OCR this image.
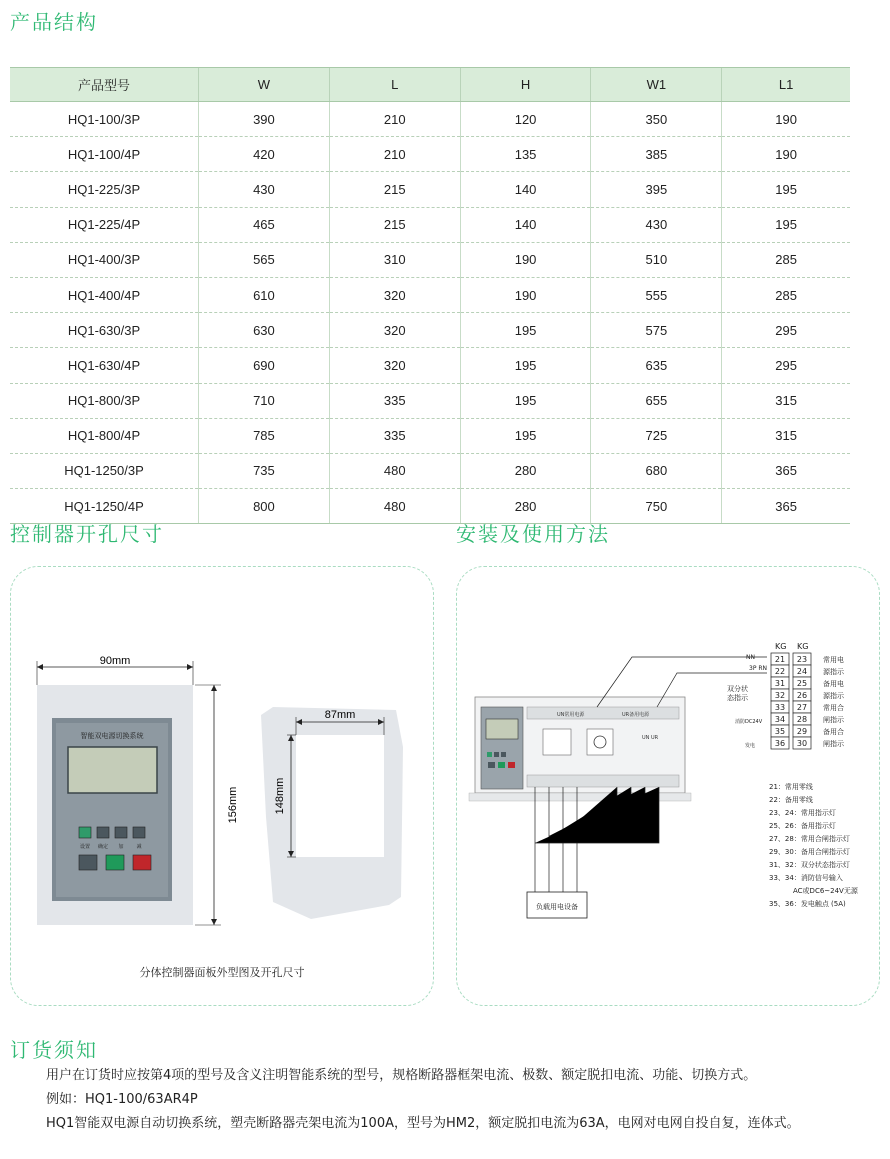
产品结构
产品型号	W	L	H	W1	L1
HQ1-100/3P	390	210	120	350	190
HQ1-100/4P	420	210	135	385	190
HQ1-225/3P	430	215	140	395	195
HQ1-225/4P	465	215	140	430	195
HQ1-400/3P	565	310	190	510	285
HQ1-400/4P	610	320	190	555	285
HQ1-630/3P	630	320	195	575	295
HQ1-630/4P	690	320	195	635	295
HQ1-800/3P	710	335	195	655	315
HQ1-800/4P	785	335	195	725	315
HQ1-1250/3P	735	480	280	680	365
HQ1-1250/4P	800	480	280	750	365
控制器开孔尺寸	安装及使用方法
智能双电源切换系统
设置 确定 加	减
90mm
156mm
87mm
148mm
分体控制器面板外型图及开孔尺寸
UN常用电源	UR备用电源
UN UR
负载用电设备
KG KG
21 23 常用电
22 24 源指示
31 25 备用电
32 26 源指示
33 27 常用合
34 28 闸指示
35 29 备用合
36 30 闸指示
NN
3P RN
双分状
态指示
消防DC24V
发电
21：常用零线
22：备用零线
23、24：常用指示灯
25、26：备用指示灯
27、28：常用合闸指示灯
29、30：备用合闸指示灯
31、32：双分状态指示灯
33、34：消防信号输入
AC或DC6~24V无源
35、36：发电触点 (5A)
订货须知

用户在订货时应按第4项的型号及含义注明智能系统的型号，规格断路器框架电流、极数、额定脱扣电流、功能、切换方式。

例如：HQ1-100/63AR4P

HQ1智能双电源自动切换系统，塑壳断路器壳架电流为100A，型号为HM2，额定脱扣电流为63A，电网对电网自投自复，连体式。
